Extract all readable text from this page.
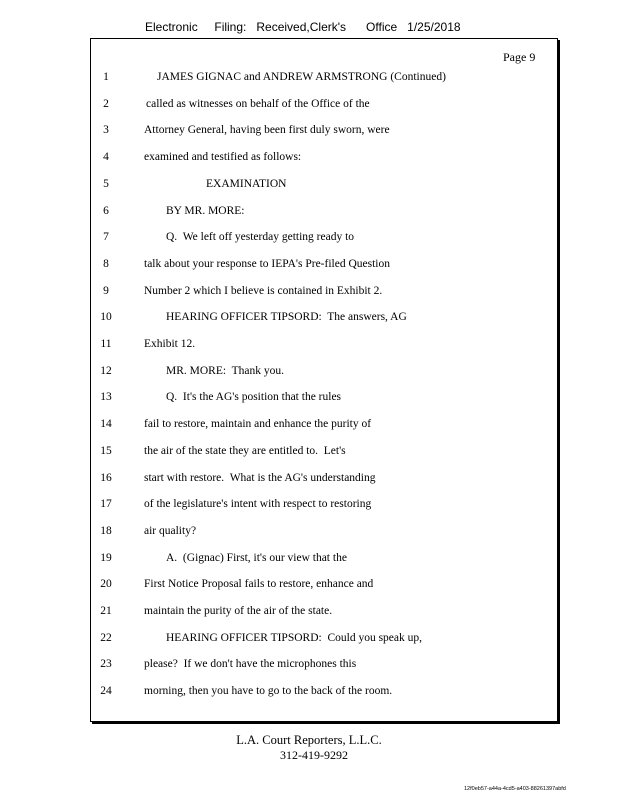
Electronic     Filing:   Received,Clerk's      Office   1/25/2018
Page 9
1	JAMES GIGNAC and ANDREW ARMSTRONG (Continued)
2	called as witnesses on behalf of the Office of the
3	Attorney General, having been first duly sworn, were
4	examined and testified as follows:
5	EXAMINATION
6	BY MR. MORE:
7	Q.  We left off yesterday getting ready to
8	talk about your response to IEPA's Pre-filed Question
9	Number 2 which I believe is contained in Exhibit 2.
10	HEARING OFFICER TIPSORD:  The answers, AG
11	Exhibit 12.
12	MR. MORE:  Thank you.
13	Q.  It's the AG's position that the rules
14	fail to restore, maintain and enhance the purity of
15	the air of the state they are entitled to.  Let's
16	start with restore.  What is the AG's understanding
17	of the legislature's intent with respect to restoring
18	air quality?
19	A.  (Gignac) First, it's our view that the
20	First Notice Proposal fails to restore, enhance and
21	maintain the purity of the air of the state.
22	HEARING OFFICER TIPSORD:  Could you speak up,
23	please?  If we don't have the microphones this
24	morning, then you have to go to the back of the room.
L.A. Court Reporters, L.L.C.
312-419-9292
12f0eb57-a44a-4cd5-a403-88261397abfd
